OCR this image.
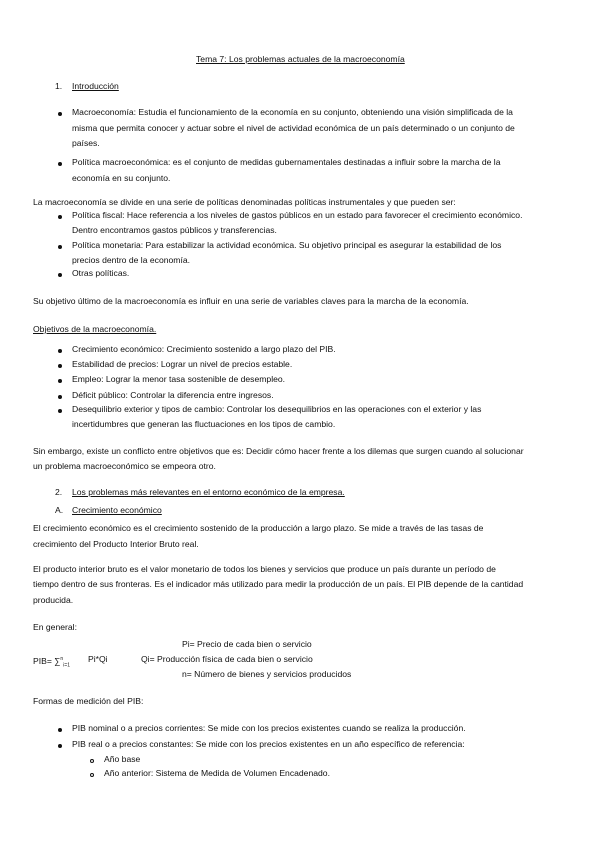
Tema 7: Los problemas actuales de la macroeconomía
1. Introducción
Macroeconomía: Estudia el funcionamiento de la economía en su conjunto, obteniendo una visión simplificada de la
misma que permita conocer y actuar sobre el nivel de actividad económica de un país determinado o un conjunto de
países.
Política macroeconómica: es el conjunto de medidas gubernamentales destinadas a influir sobre la marcha de la
economía en su conjunto.
La macroeconomía se divide en una serie de políticas denominadas políticas instrumentales y que pueden ser:
Política fiscal: Hace referencia a los niveles de gastos públicos en un estado para favorecer el crecimiento económico.
Dentro encontramos gastos públicos y transferencias.
Política monetaria: Para estabilizar la actividad económica. Su objetivo principal es asegurar la estabilidad de los
precios dentro de la economía.
Otras políticas.
Su objetivo último de la macroeconomía es influir en una serie de variables claves para la marcha de la economía.
Objetivos de la macroeconomía.
Crecimiento económico: Crecimiento sostenido a largo plazo del PIB.
Estabilidad de precios: Lograr un nivel de precios estable.
Empleo: Lograr la menor tasa sostenible de desempleo.
Déficit público: Controlar la diferencia entre ingresos.
Desequilibrio exterior y tipos de cambio: Controlar los desequilibrios en las operaciones con el exterior y las
incertidumbres que generan las fluctuaciones en los tipos de cambio.
Sin embargo, existe un conflicto entre objetivos que es: Decidir cómo hacer frente a los dilemas que surgen cuando al solucionar
un problema macroeconómico se empeora otro.
2. Los problemas más relevantes en el entorno económico de la empresa.
A. Crecimiento económico
El crecimiento económico es el crecimiento sostenido de la producción a largo plazo. Se mide a través de las tasas de
crecimiento del Producto Interior Bruto real.
El producto interior bruto es el valor monetario de todos los bienes y servicios que produce un país durante un período de
tiempo dentro de sus fronteras. Es el indicador más utilizado para medir la producción de un país. El PIB depende de la cantidad
producida.
En general:
Pi= Precio de cada bien o servicio
PIB= ∑$^n_{i=1}$
Pi*Qi	Qi= Producción física de cada bien o servicio
n= Número de bienes y servicios producidos
Formas de medición del PIB:
PIB nominal o a precios corrientes: Se mide con los precios existentes cuando se realiza la producción.
PIB real o a precios constantes: Se mide con los precios existentes en un año específico de referencia:
Año base
Año anterior: Sistema de Medida de Volumen Encadenado.
